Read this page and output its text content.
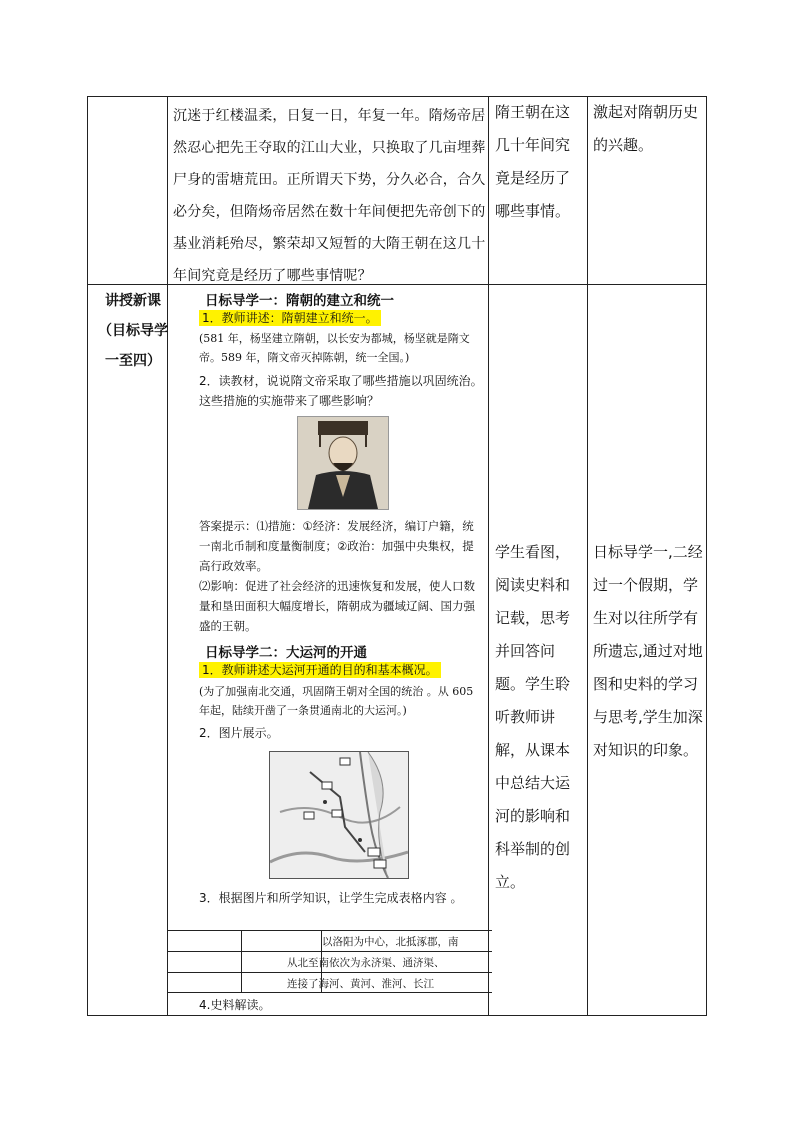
沉迷于红楼温柔，日复一日，年复一年。隋炀帝居然忍心把先王夺取的江山大业，只换取了几亩埋葬尸身的雷塘荒田。正所谓天下势，分久必合，合久必分矣，但隋炀帝居然在数十年间便把先帝创下的基业消耗殆尽，繁荣却又短暂的大隋王朝在这几十年间究竟是经历了哪些事情呢？
隋王朝在这几十年间究竟是经历了哪些事情。
激起对隋朝历史的兴趣。
讲授新课（目标导学一至四）
日标导学一：隋朝的建立和统一
1．教师讲述：隋朝建立和统一。
(581 年，杨坚建立隋朝，以长安为都城，杨坚就是隋文帝。589 年，隋文帝灭掉陈朝，统一全国。)
2．读教材，说说隋文帝采取了哪些措施以巩固统治。这些措施的实施带来了哪些影响？
答案提示：⑴措施：①经济：发展经济，编订户籍，统一南北币制和度量衡制度；②政治：加强中央集权，提高行政效率。
⑵影响：促进了社会经济的迅速恢复和发展，使人口数量和垦田面积大幅度增长，隋朝成为疆域辽阔、国力强盛的王朝。
日标导学二：大运河的开通
1．教师讲述大运河开通的目的和基本概况。
(为了加强南北交通，巩固隋王朝对全国的统治 。从 605 年起，陆续开凿了一条贯通南北的大运河。)
2．图片展示。
3．根据图片和所学知识，让学生完成表格内容 。
以洛阳为中心，北抵涿郡，南
从北至南依次为永济渠、通济渠、
连接了海河、黄河、淮河、长江
4.史料解读。
学生看图，阅读史料和记载，思考并回答问题。学生聆听教师讲解，从课本中总结大运河的影响和科举制的创立。
日标导学一,二经过一个假期，学生对以往所学有所遗忘,通过对地图和史料的学习与思考,学生加深对知识的印象。
